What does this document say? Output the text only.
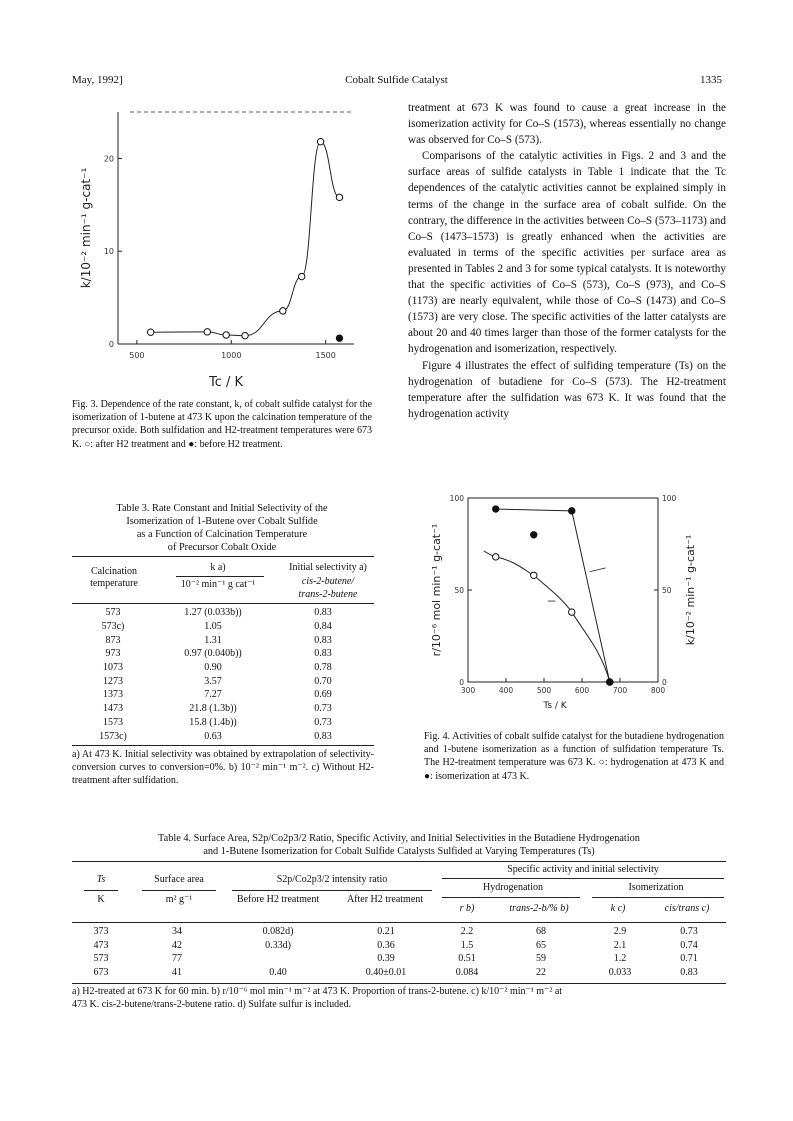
May, 1992]	Cobalt Sulfide Catalyst	1335
500	1000	1500
0
10
20
k/10⁻² min⁻¹ g-cat⁻¹
Tc / K
Fig. 3. Dependence of the rate constant, k, of cobalt sulfide catalyst for the isomerization of 1-butene at 473 K upon the calcination temperature of the precursor oxide. Both sulfidation and H2-treatment temperatures were 673 K. ○: after H2 treatment and ●: before H2 treatment.

treatment at 673 K was found to cause a great increase in the isomerization activity for Co–S (1573), whereas essentially no change was observed for Co–S (573).

Comparisons of the catalytic activities in Figs. 2 and 3 and the surface areas of sulfide catalysts in Table 1 indicate that the Tc dependences of the catalytic activities cannot be explained simply in terms of the change in the surface area of cobalt sulfide. On the contrary, the difference in the activities between Co–S (573–1173) and Co–S (1473–1573) is greatly enhanced when the activities are evaluated in terms of the specific activities per surface area as presented in Tables 2 and 3 for some typical catalysts. It is noteworthy that the specific activities of Co–S (573), Co–S (973), and Co–S (1173) are nearly equivalent, while those of Co–S (1473) and Co–S (1573) are very close. The specific activities of the latter catalysts are about 20 and 40 times larger than those of the former catalysts for the hydrogenation and isomerization, respectively.

Figure 4 illustrates the effect of sulfiding temperature (Ts) on the hydrogenation of butadiene for Co–S (573). The H2-treatment temperature after the sulfidation was 673 K. It was found that the hydrogenation activity

Table 3. Rate Constant and Initial Selectivity of the
Isomerization of 1-Butene over Cobalt Sulfide
as a Function of Calcination Temperature
of Precursor Cobalt Oxide
Calcination temperature
k a)
10⁻² min⁻¹ g cat⁻¹
Initial selectivity a)
cis-2-butene/ trans-2-butene
573	1.27 (0.033b))	0.83
573c)	1.05	0.84
873	1.31	0.83
973	0.97 (0.040b))	0.83
1073	0.90	0.78
1273	3.57	0.70
1373	7.27	0.69
1473	21.8 (1.3b))	0.73
1573	15.8 (1.4b))	0.73
1573c)	0.63	0.83
a) At 473 K. Initial selectivity was obtained by extrapolation of selectivity-conversion curves to conversion=0%. b) 10⁻² min⁻¹ m⁻². c) Without H2-treatment after sulfidation.
300	400	500	600	700	800
0
50
100
0
50
100
r/10⁻⁶ mol min⁻¹ g-cat⁻¹	k/10⁻² min⁻¹ g-cat⁻¹
Ts / K
Fig. 4. Activities of cobalt sulfide catalyst for the butadiene hydrogenation and 1-butene isomerization as a function of sulfidation temperature Ts. The H2-treatment temperature was 673 K. ○: hydrogenation at 473 K and ●: isomerization at 473 K.
Table 4. Surface Area, S2p/Co2p3/2 Ratio, Specific Activity, and Initial Selectivities in the Butadiene Hydrogenation
and 1-Butene Isomerization for Cobalt Sulfide Catalysts Sulfided at Varying Temperatures (Ts)
Ts
K
Surface area
m² g⁻¹
S2p/Co2p3/2 intensity ratio
Before H2 treatment	After H2 treatment
Specific activity and initial selectivity
Hydrogenation	Isomerization
r b)	trans-2-b/% b)	k c)	cis/trans c)
373	34	0.082d)	0.21	2.2	68	2.9	0.73
473	42	0.33d)	0.36	1.5	65	2.1	0.74
573	77		0.39	0.51	59	1.2	0.71
673	41	0.40	0.40±0.01	0.084	22	0.033	0.83
a) H2-treated at 673 K for 60 min. b) r/10⁻⁶ mol min⁻¹ m⁻² at 473 K. Proportion of trans-2-butene. c) k/10⁻² min⁻¹ m⁻² at
473 K. cis-2-butene/trans-2-butene ratio. d) Sulfate sulfur is included.
